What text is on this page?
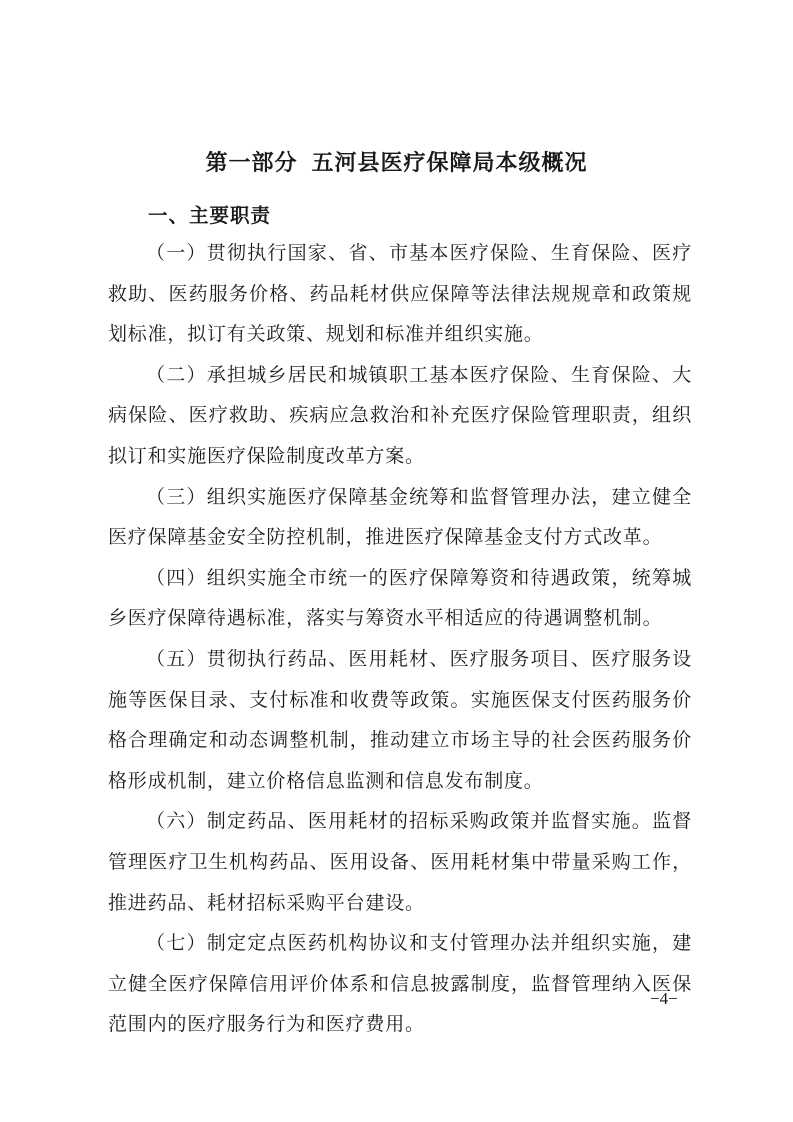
第一部分 五河县医疗保障局本级概况
一、主要职责

（一）贯彻执行国家、省、市基本医疗保险、生育保险、医疗救助、医药服务价格、药品耗材供应保障等法律法规规章和政策规划标准，拟订有关政策、规划和标准并组织实施。

（二）承担城乡居民和城镇职工基本医疗保险、生育保险、大病保险、医疗救助、疾病应急救治和补充医疗保险管理职责，组织拟订和实施医疗保险制度改革方案。

（三）组织实施医疗保障基金统筹和监督管理办法，建立健全医疗保障基金安全防控机制，推进医疗保障基金支付方式改革。

（四）组织实施全市统一的医疗保障筹资和待遇政策，统筹城乡医疗保障待遇标准，落实与筹资水平相适应的待遇调整机制。

（五）贯彻执行药品、医用耗材、医疗服务项目、医疗服务设施等医保目录、支付标准和收费等政策。实施医保支付医药服务价格合理确定和动态调整机制，推动建立市场主导的社会医药服务价格形成机制，建立价格信息监测和信息发布制度。

（六）制定药品、医用耗材的招标采购政策并监督实施。监督管理医疗卫生机构药品、医用设备、医用耗材集中带量采购工作，推进药品、耗材招标采购平台建设。

（七）制定定点医药机构协议和支付管理办法并组织实施，建立健全医疗保障信用评价体系和信息披露制度，监督管理纳入医保范围内的医疗服务行为和医疗费用。

−4−
